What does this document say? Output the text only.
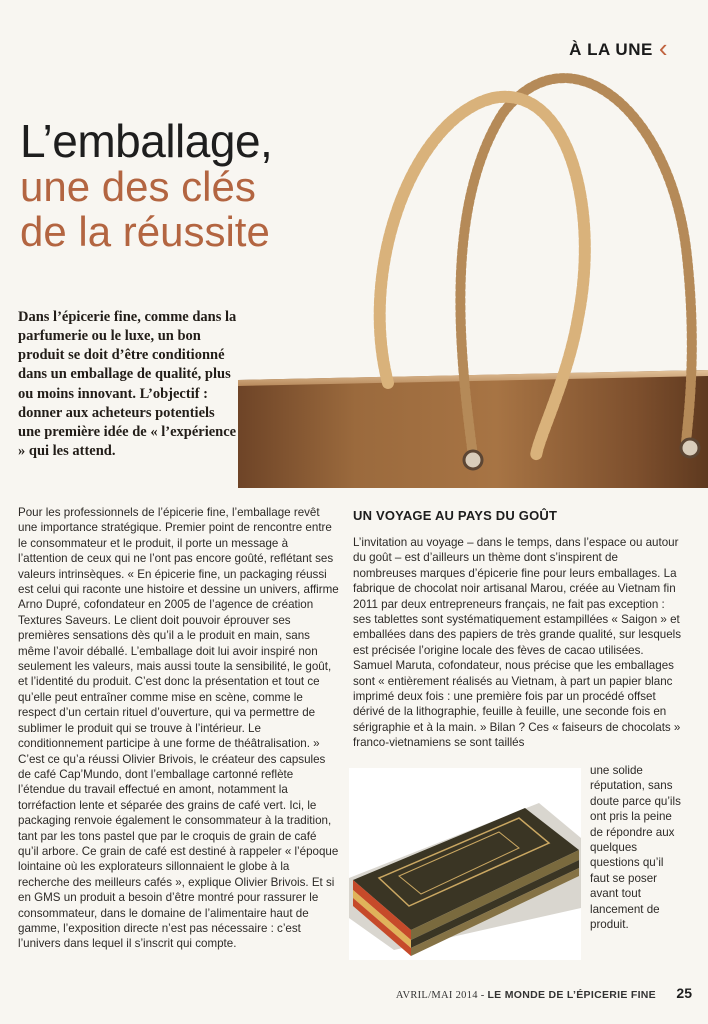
À LA UNE ‹
L’emballage,
une des clés
de la réussite

Dans l’épicerie fine, comme dans la parfumerie ou le luxe, un bon produit se doit d’être conditionné dans un emballage de qualité, plus ou moins innovant. L’objectif : donner aux acheteurs potentiels une première idée de « l’expérience » qui les attend.

Pour les professionnels de l’épicerie fine, l’emballage revêt une importance stratégique. Premier point de rencontre entre le consommateur et le produit, il porte un message à l’attention de ceux qui ne l’ont pas encore goûté, reflétant ses valeurs intrinsèques. « En épicerie fine, un packaging réussi est celui qui raconte une histoire et dessine un univers, affirme Arno Dupré, cofondateur en 2005 de l’agence de création Textures Saveurs. Le client doit pouvoir éprouver ses premières sensations dès qu’il a le produit en main, sans même l’avoir déballé. L’emballage doit lui avoir inspiré non seulement les valeurs, mais aussi toute la sensibilité, le goût, et l’identité du produit. C’est donc la présentation et tout ce qu’elle peut entraîner comme mise en scène, comme le respect d’un certain rituel d’ouverture, qui va permettre de sublimer le produit qui se trouve à l’intérieur. Le conditionnement participe à une forme de théâtralisation. » C’est ce qu’a réussi Olivier Brivois, le créateur des capsules de café Cap’Mundo, dont l’emballage cartonné reflète l’étendue du travail effectué en amont, notamment la torréfaction lente et séparée des grains de café vert. Ici, le packaging renvoie également le consommateur à la tradition, tant par les tons pastel que par le croquis de grain de café qu’il arbore. Ce grain de café est destiné à rappeler « l’époque lointaine où les explorateurs sillonnaient le globe à la recherche des meilleurs cafés », explique Olivier Brivois. Et si en GMS un produit a besoin d’être montré pour rassurer le consommateur, dans le domaine de l’alimentaire haut de gamme, l’exposition directe n’est pas nécessaire : c’est l’univers dans lequel il s’inscrit qui compte.

UN VOYAGE AU PAYS DU GOÛT

L’invitation au voyage – dans le temps, dans l’espace ou autour du goût – est d’ailleurs un thème dont s’inspirent de nombreuses marques d’épicerie fine pour leurs emballages. La fabrique de chocolat noir artisanal Marou, créée au Vietnam fin 2011 par deux entrepreneurs français, ne fait pas exception : ses tablettes sont systématiquement estampillées « Saigon » et emballées dans des papiers de très grande qualité, sur lesquels est précisée l’origine locale des fèves de cacao utilisées. Samuel Maruta, cofondateur, nous précise que les emballages sont « entièrement réalisés au Vietnam, à part un papier blanc imprimé deux fois : une première fois par un procédé offset dérivé de la lithographie, feuille à feuille, une seconde fois en sérigraphie et à la main. » Bilan ? Ces « faiseurs de chocolats » franco-vietnamiens se sont taillés

une solide réputation, sans doute parce qu’ils ont pris la peine de répondre aux quelques questions qu’il faut se poser avant tout lancement de produit.

AVRIL/MAI 2014 - LE MONDE DE L’ÉPICERIE FINE 25
